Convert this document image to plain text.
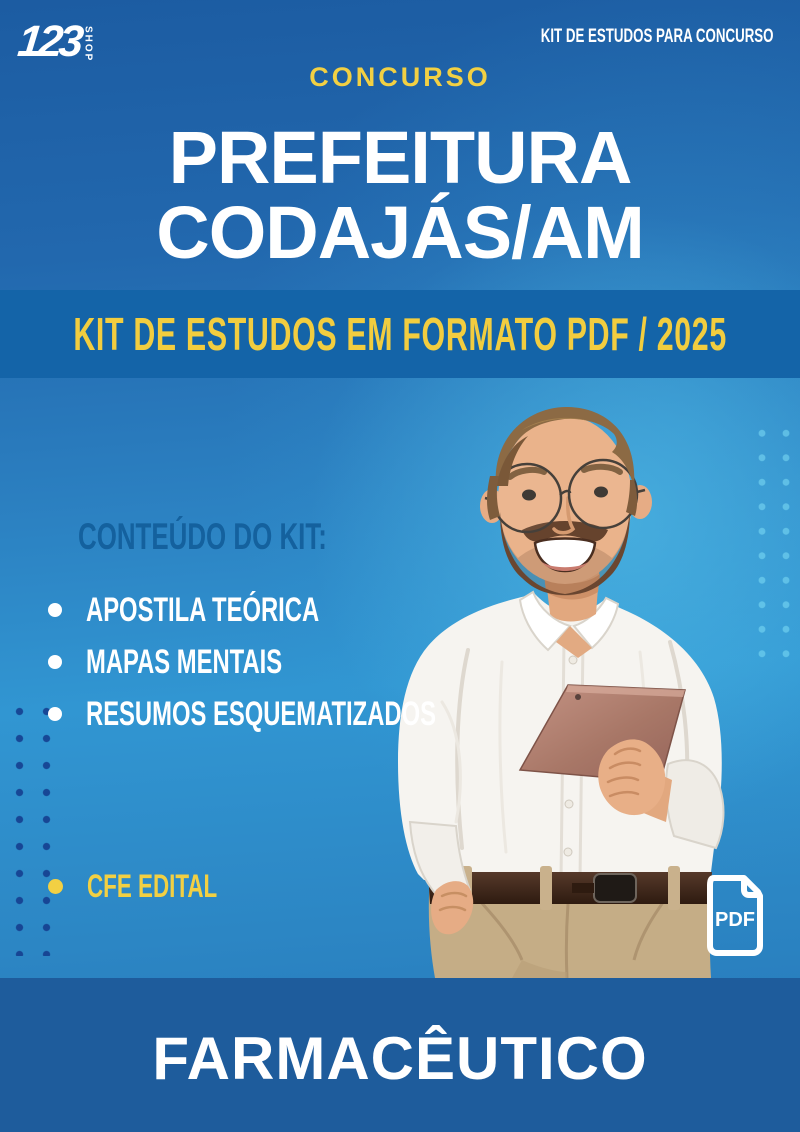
123 SHOP	KIT DE ESTUDOS PARA CONCURSO
CONCURSO
PREFEITURA
CODAJÁS/AM
KIT DE ESTUDOS EM FORMATO PDF / 2025
CONTEÚDO DO KIT:
APOSTILA TEÓRICA
MAPAS MENTAIS
RESUMOS ESQUEMATIZADOS
CFE EDITAL
PDF
FARMACÊUTICO
